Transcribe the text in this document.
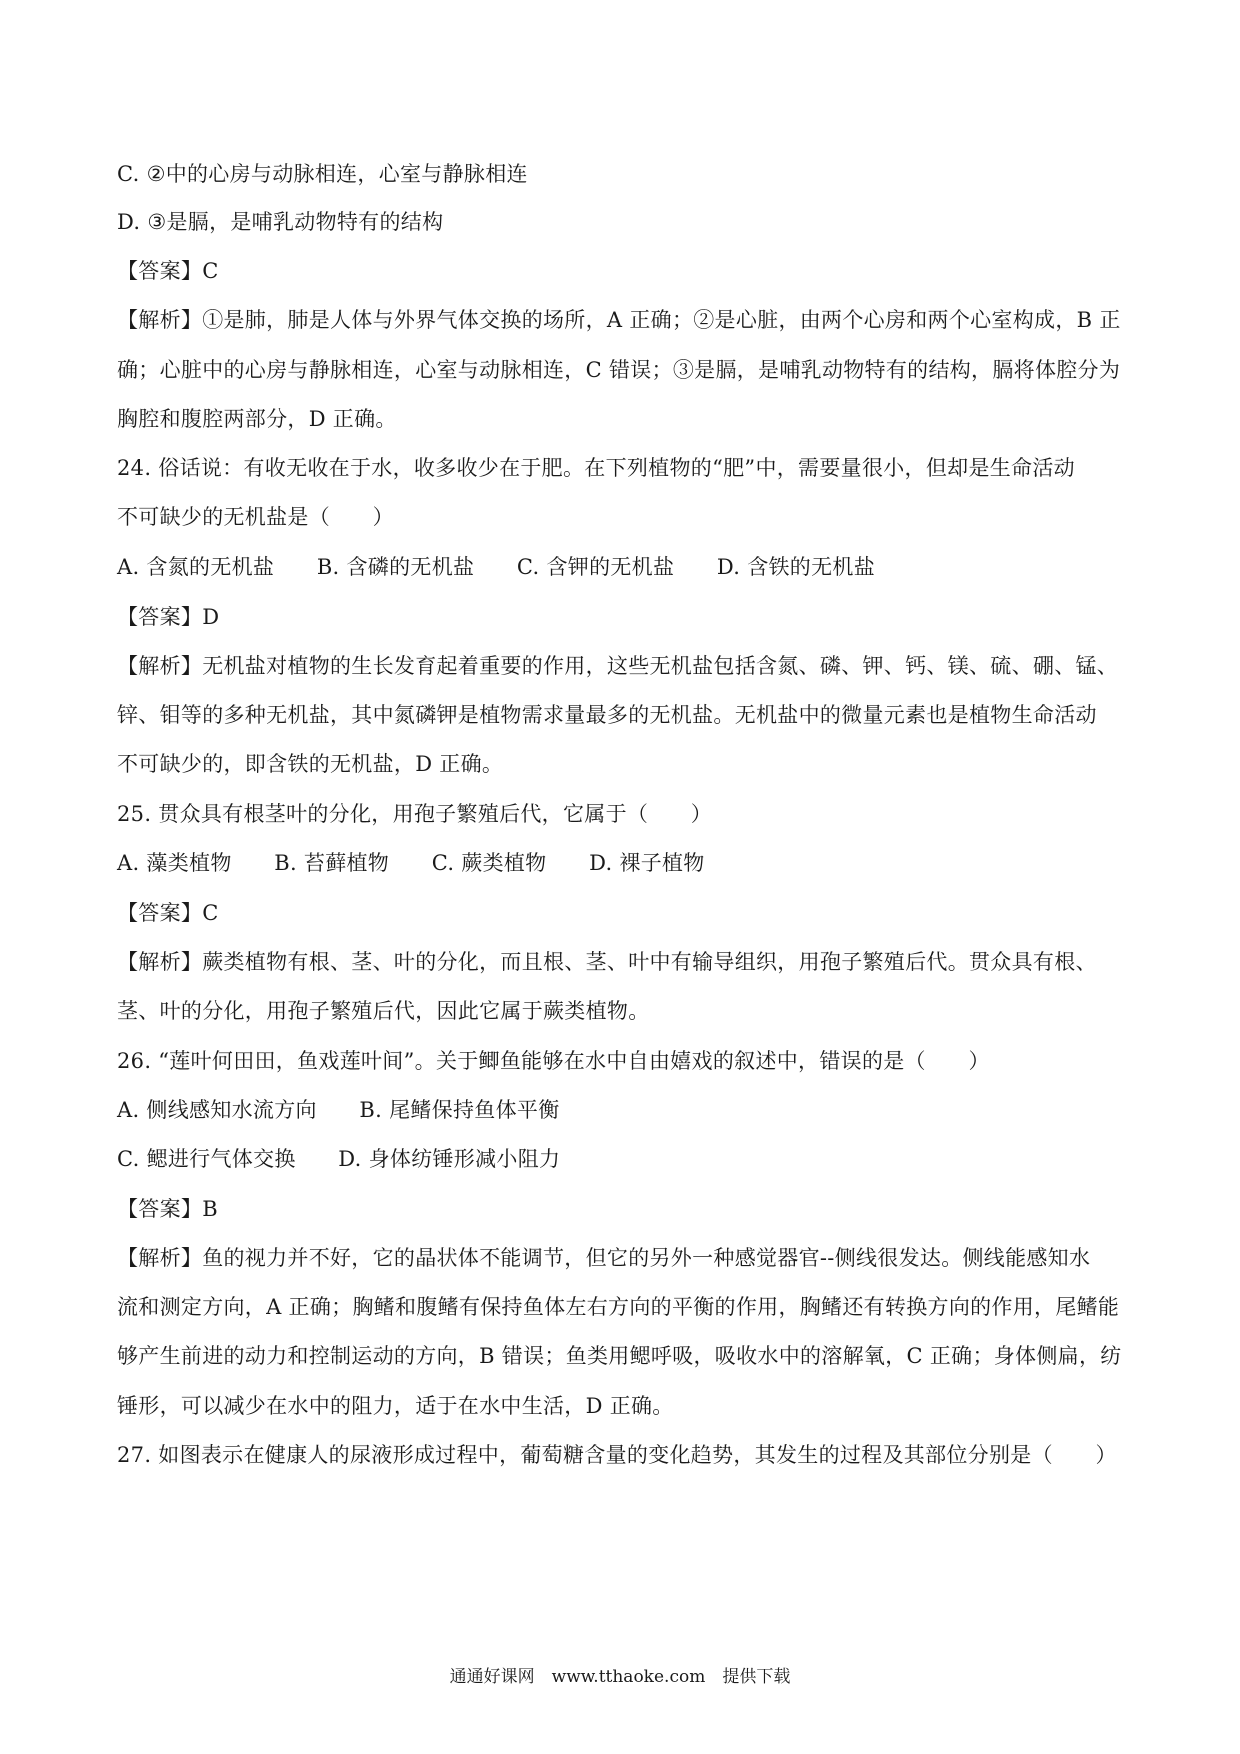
C. ②中的心房与动脉相连，心室与静脉相连
D. ③是膈，是哺乳动物特有的结构
【答案】C
【解析】①是肺，肺是人体与外界气体交换的场所，A 正确；②是心脏，由两个心房和两个心室构成，B 正
确；心脏中的心房与静脉相连，心室与动脉相连，C 错误；③是膈，是哺乳动物特有的结构，膈将体腔分为
胸腔和腹腔两部分，D 正确。
24. 俗话说：有收无收在于水，收多收少在于肥。在下列植物的“肥”中，需要量很小，但却是生命活动
不可缺少的无机盐是（　　）
A. 含氮的无机盐　　B. 含磷的无机盐　　C. 含钾的无机盐　　D. 含铁的无机盐
【答案】D
【解析】无机盐对植物的生长发育起着重要的作用，这些无机盐包括含氮、磷、钾、钙、镁、硫、硼、锰、
锌、钼等的多种无机盐，其中氮磷钾是植物需求量最多的无机盐。无机盐中的微量元素也是植物生命活动
不可缺少的，即含铁的无机盐，D 正确。
25. 贯众具有根茎叶的分化，用孢子繁殖后代，它属于（　　）
A. 藻类植物　　B. 苔藓植物　　C. 蕨类植物　　D. 裸子植物
【答案】C
【解析】蕨类植物有根、茎、叶的分化，而且根、茎、叶中有输导组织，用孢子繁殖后代。贯众具有根、
茎、叶的分化，用孢子繁殖后代，因此它属于蕨类植物。
26. “莲叶何田田，鱼戏莲叶间”。关于鲫鱼能够在水中自由嬉戏的叙述中，错误的是（　　）
A. 侧线感知水流方向　　B. 尾鳍保持鱼体平衡
C. 鳃进行气体交换　　D. 身体纺锤形减小阻力
【答案】B
【解析】鱼的视力并不好，它的晶状体不能调节，但它的另外一种感觉器官--侧线很发达。侧线能感知水
流和测定方向，A 正确；胸鳍和腹鳍有保持鱼体左右方向的平衡的作用，胸鳍还有转换方向的作用，尾鳍能
够产生前进的动力和控制运动的方向，B 错误；鱼类用鳃呼吸，吸收水中的溶解氧，C 正确；身体侧扁，纺
锤形，可以减少在水中的阻力，适于在水中生活，D 正确。
27. 如图表示在健康人的尿液形成过程中，葡萄糖含量的变化趋势，其发生的过程及其部位分别是（　　）
通通好课网　www.tthaoke.com　提供下载
